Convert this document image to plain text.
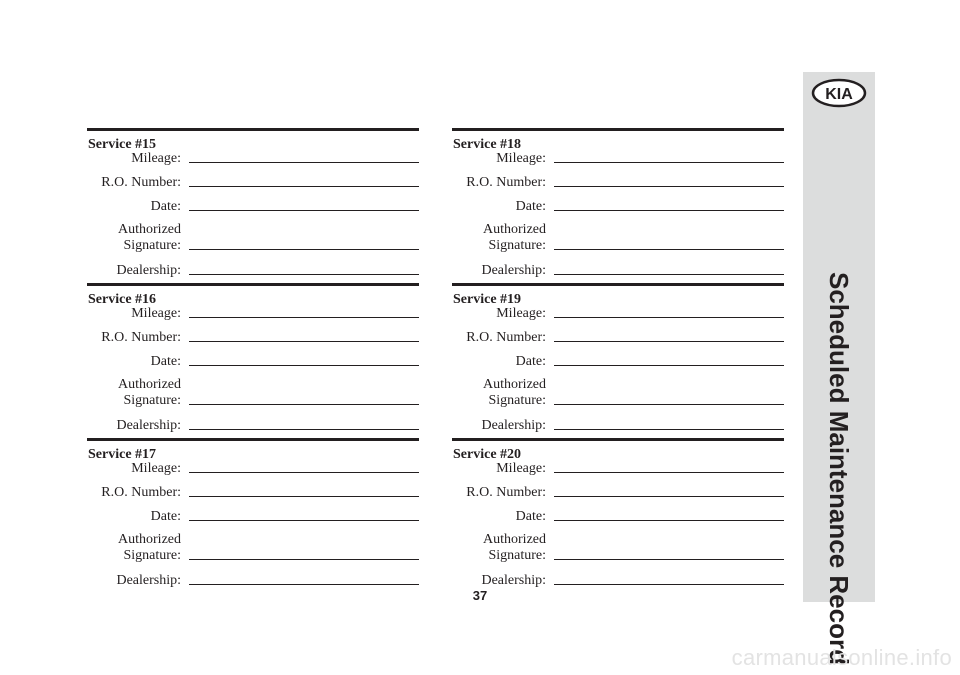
Service #15
Mileage:
R.O. Number:
Date:
Authorized
Signature:
Dealership:
Service #16
Mileage:
R.O. Number:
Date:
Authorized
Signature:
Dealership:
Service #17
Mileage:
R.O. Number:
Date:
Authorized
Signature:
Dealership:
Service #18
Mileage:
R.O. Number:
Date:
Authorized
Signature:
Dealership:
Service #19
Mileage:
R.O. Number:
Date:
Authorized
Signature:
Dealership:
Service #20
Mileage:
R.O. Number:
Date:
Authorized
Signature:
Dealership:
37
KIA
Scheduled Maintenance Record
carmanualsonline.info
